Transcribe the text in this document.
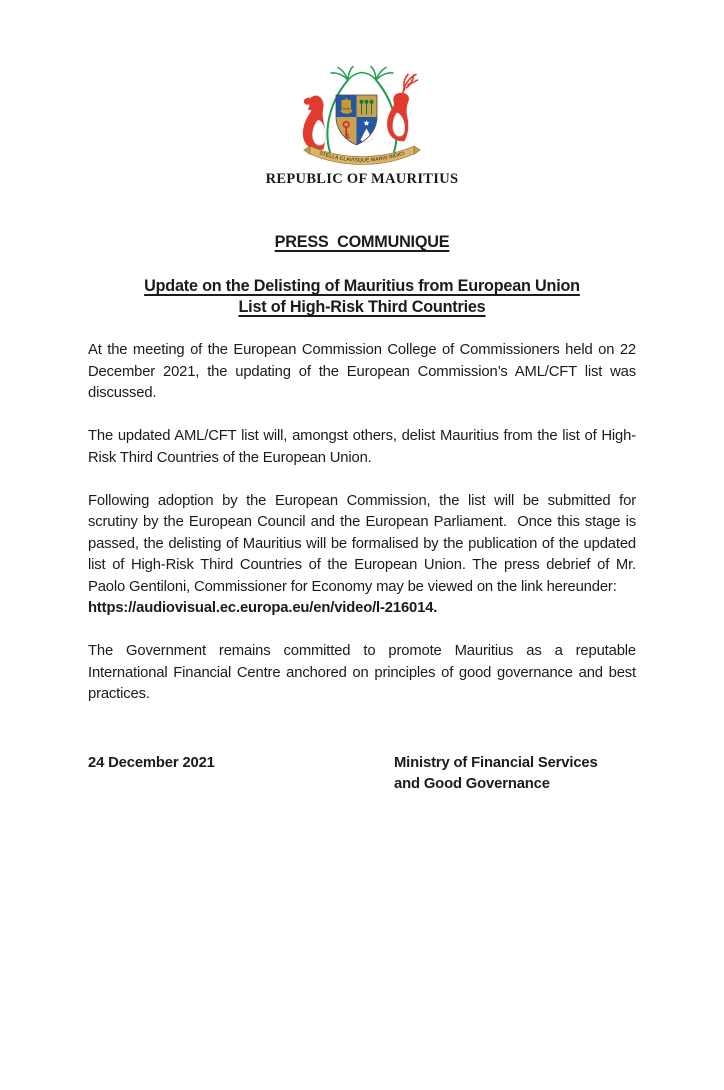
STELLA CLAVISQUE MARIS INDICI
REPUBLIC OF MAURITIUS
PRESS  COMMUNIQUE
Update on the Delisting of Mauritius from European Union
List of High-Risk Third Countries

At the meeting of the European Commission College of Commissioners held on 22 December 2021, the updating of the European Commission’s AML/CFT list was discussed.

The updated AML/CFT list will, amongst others, delist Mauritius from the list of High-Risk Third Countries of the European Union.

Following adoption by the European Commission, the list will be submitted for scrutiny by the European Council and the European Parliament.  Once this stage is passed, the delisting of Mauritius will be formalised by the publication of the updated list of High-Risk Third Countries of the European Union. The press debrief of Mr. Paolo Gentiloni, Commissioner for Economy may be viewed on the link hereunder:

https://audiovisual.ec.europa.eu/en/video/l-216014.

The Government remains committed to promote Mauritius as a reputable International Financial Centre anchored on principles of good governance and best practices.

24 December 2021	Ministry of Financial Services
and Good Governance
